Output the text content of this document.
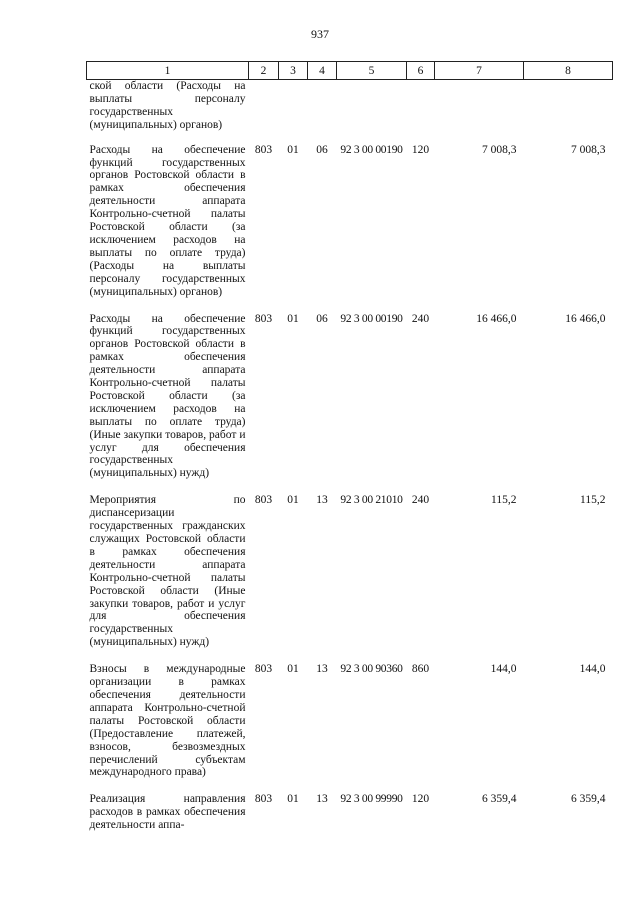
937
1	2	3	4	5	6	7	8
ской области (Расходы на выплаты персоналу государственных (муниципальных) органов)							
Расходы на обеспечение функций государственных органов Ростовской области в рамках обеспечения деятельности аппарата Контрольно-счетной палаты Ростовской области (за исключением расходов на выплаты по оплате труда) (Расходы на выплаты персоналу государственных (муниципальных) органов)	803	01	06	92 3 00 00190	120	7 008,3	7 008,3
Расходы на обеспечение функций государственных органов Ростовской области в рамках обеспечения деятельности аппарата Контрольно-счетной палаты Ростовской области (за исключением расходов на выплаты по оплате труда) (Иные закупки товаров, работ и услуг для обеспечения государственных (муниципальных) нужд)	803	01	06	92 3 00 00190	240	16 466,0	16 466,0
Мероприятия по диспансеризации государственных гражданских служащих Ростовской области в рамках обеспечения деятельности аппарата Контрольно-счетной палаты Ростовской области (Иные закупки товаров, работ и услуг для обеспечения государственных (муниципальных) нужд)	803	01	13	92 3 00 21010	240	115,2	115,2
Взносы в международные организации в рамках обеспечения деятельности аппарата Контрольно-счетной палаты Ростовской области (Предоставление платежей, взносов, безвозмездных перечислений субъектам международного права)	803	01	13	92 3 00 90360	860	144,0	144,0
Реализация направления расходов в рамках обеспечения деятельности аппа-	803	01	13	92 3 00 99990	120	6 359,4	6 359,4
